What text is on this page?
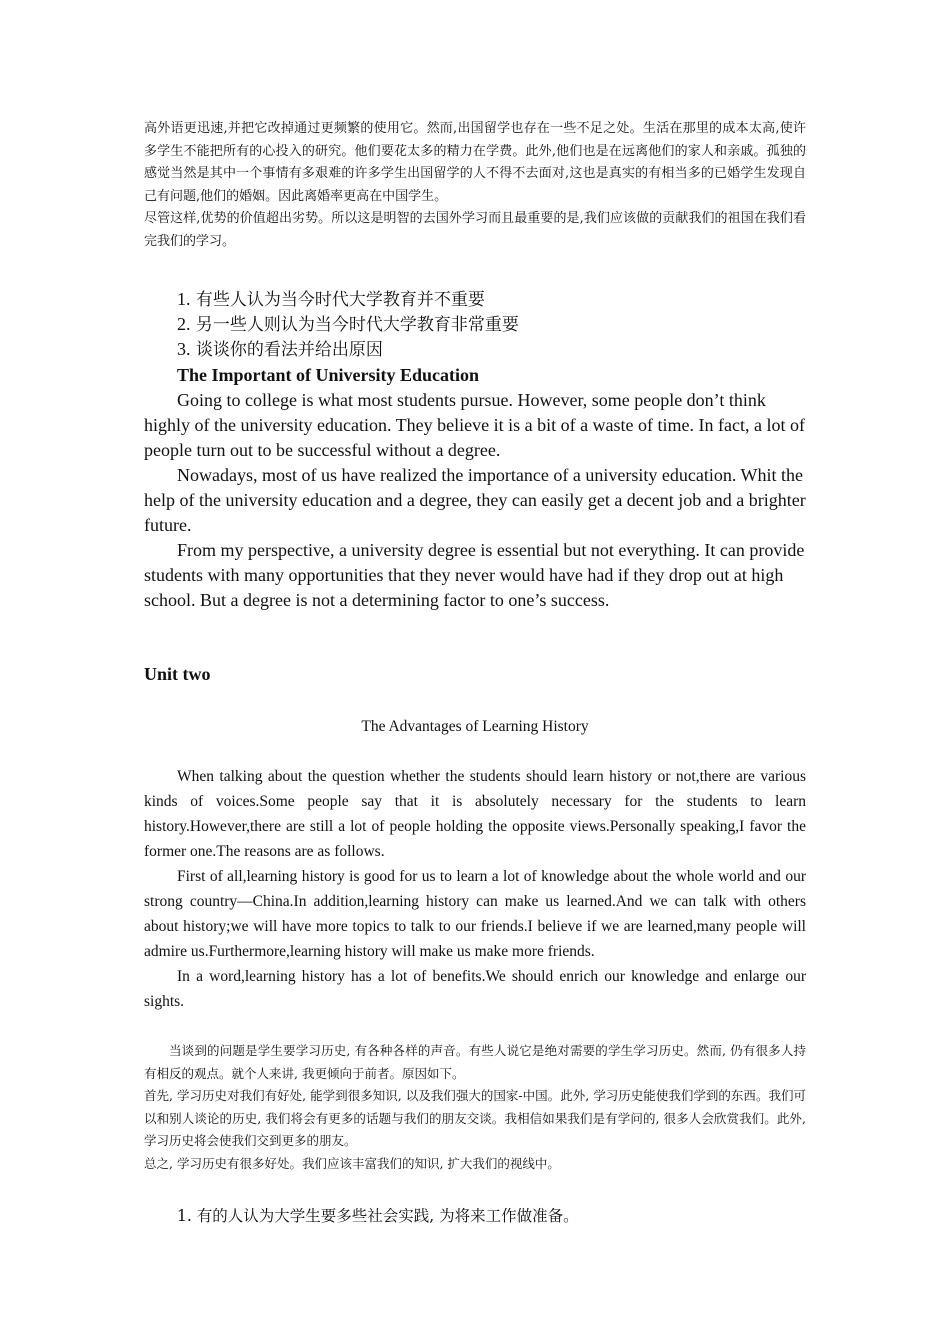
高外语更迅速,并把它改掉通过更频繁的使用它。然而,出国留学也存在一些不足之处。生活在那里的成本太高,使许多学生不能把所有的心投入的研究。他们要花太多的精力在学费。此外,他们也是在远离他们的家人和亲戚。孤独的感觉当然是其中一个事情有多艰难的许多学生出国留学的人不得不去面对,这也是真实的有相当多的已婚学生发现自己有问题,他们的婚姻。因此离婚率更高在中国学生。

尽管这样,优势的价值超出劣势。所以这是明智的去国外学习而且最重要的是,我们应该做的贡献我们的祖国在我们看完我们的学习。

1. 有些人认为当今时代大学教育并不重要
2. 另一些人则认为当今时代大学教育非常重要
3. 谈谈你的看法并给出原因
The Important of University Education

Going to college is what most students pursue. However, some people don’t think highly of the university education. They believe it is a bit of a waste of time. In fact, a lot of people turn out to be successful without a degree.

Nowadays, most of us have realized the importance of a university education. Whit the help of the university education and a degree, they can easily get a decent job and a brighter future.

From my perspective, a university degree is essential but not everything. It can provide students with many opportunities that they never would have had if they drop out at high school. But a degree is not a determining factor to one’s success.

Unit two
The Advantages of Learning History

When talking about the question whether the students should learn history or not,there are various kinds of voices.Some people say that it is absolutely necessary for the students to learn history.However,there are still a lot of people holding the opposite views.Personally speaking,I favor the former one.The reasons are as follows.

First of all,learning history is good for us to learn a lot of knowledge about the whole world and our strong country—China.In addition,learning history can make us learned.And we can talk with others about history;we will have more topics to talk to our friends.I believe if we are learned,many people will admire us.Furthermore,learning history will make us make more friends.

In a word,learning history has a lot of benefits.We should enrich our knowledge and enlarge our sights.

当谈到的问题是学生要学习历史, 有各种各样的声音。有些人说它是绝对需要的学生学习历史。然而, 仍有很多人持有相反的观点。就个人来讲, 我更倾向于前者。原因如下。

首先, 学习历史对我们有好处, 能学到很多知识, 以及我们强大的国家-中国。此外, 学习历史能使我们学到的东西。我们可以和别人谈论的历史, 我们将会有更多的话题与我们的朋友交谈。我相信如果我们是有学问的, 很多人会欣赏我们。此外, 学习历史将会使我们交到更多的朋友。

总之, 学习历史有很多好处。我们应该丰富我们的知识, 扩大我们的视线中。

1. 有的人认为大学生要多些社会实践, 为将来工作做准备。
